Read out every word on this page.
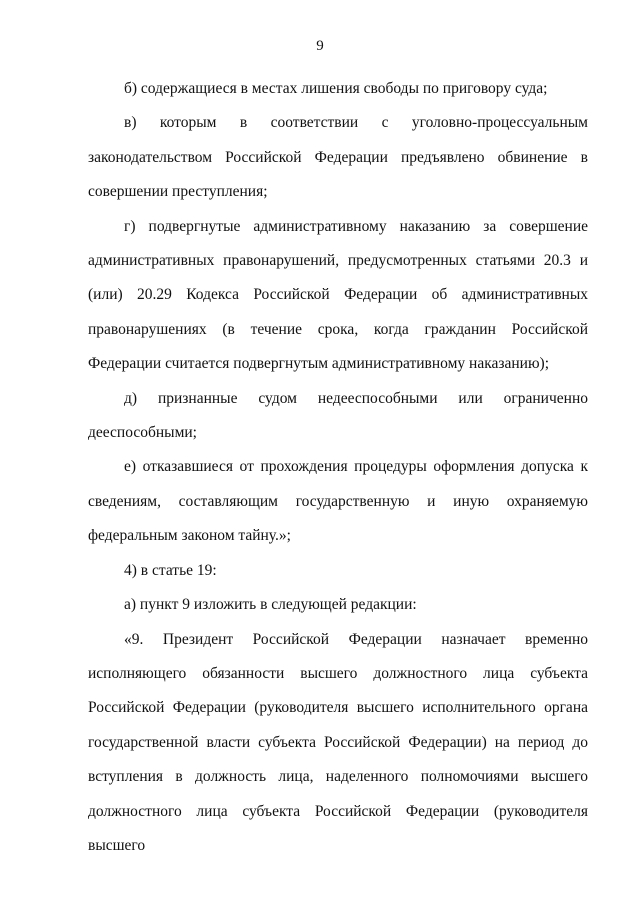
9

б) содержащиеся в местах лишения свободы по приговору суда;

в) которым в соответствии с уголовно-процессуальным законодательством Российской Федерации предъявлено обвинение в совершении преступления;

г) подвергнутые административному наказанию за совершение административных правонарушений, предусмотренных статьями 20.3 и (или) 20.29 Кодекса Российской Федерации об административных правонарушениях (в течение срока, когда гражданин Российской Федерации считается подвергнутым административному наказанию);

д) признанные судом недееспособными или ограниченно дееспособными;

е) отказавшиеся от прохождения процедуры оформления допуска к сведениям, составляющим государственную и иную охраняемую федеральным законом тайну.»;

4) в статье 19:

а) пункт 9 изложить в следующей редакции:

«9. Президент Российской Федерации назначает временно исполняющего обязанности высшего должностного лица субъекта Российской Федерации (руководителя высшего исполнительного органа государственной власти субъекта Российской Федерации) на период до вступления в должность лица, наделенного полномочиями высшего должностного лица субъекта Российской Федерации (руководителя высшего
